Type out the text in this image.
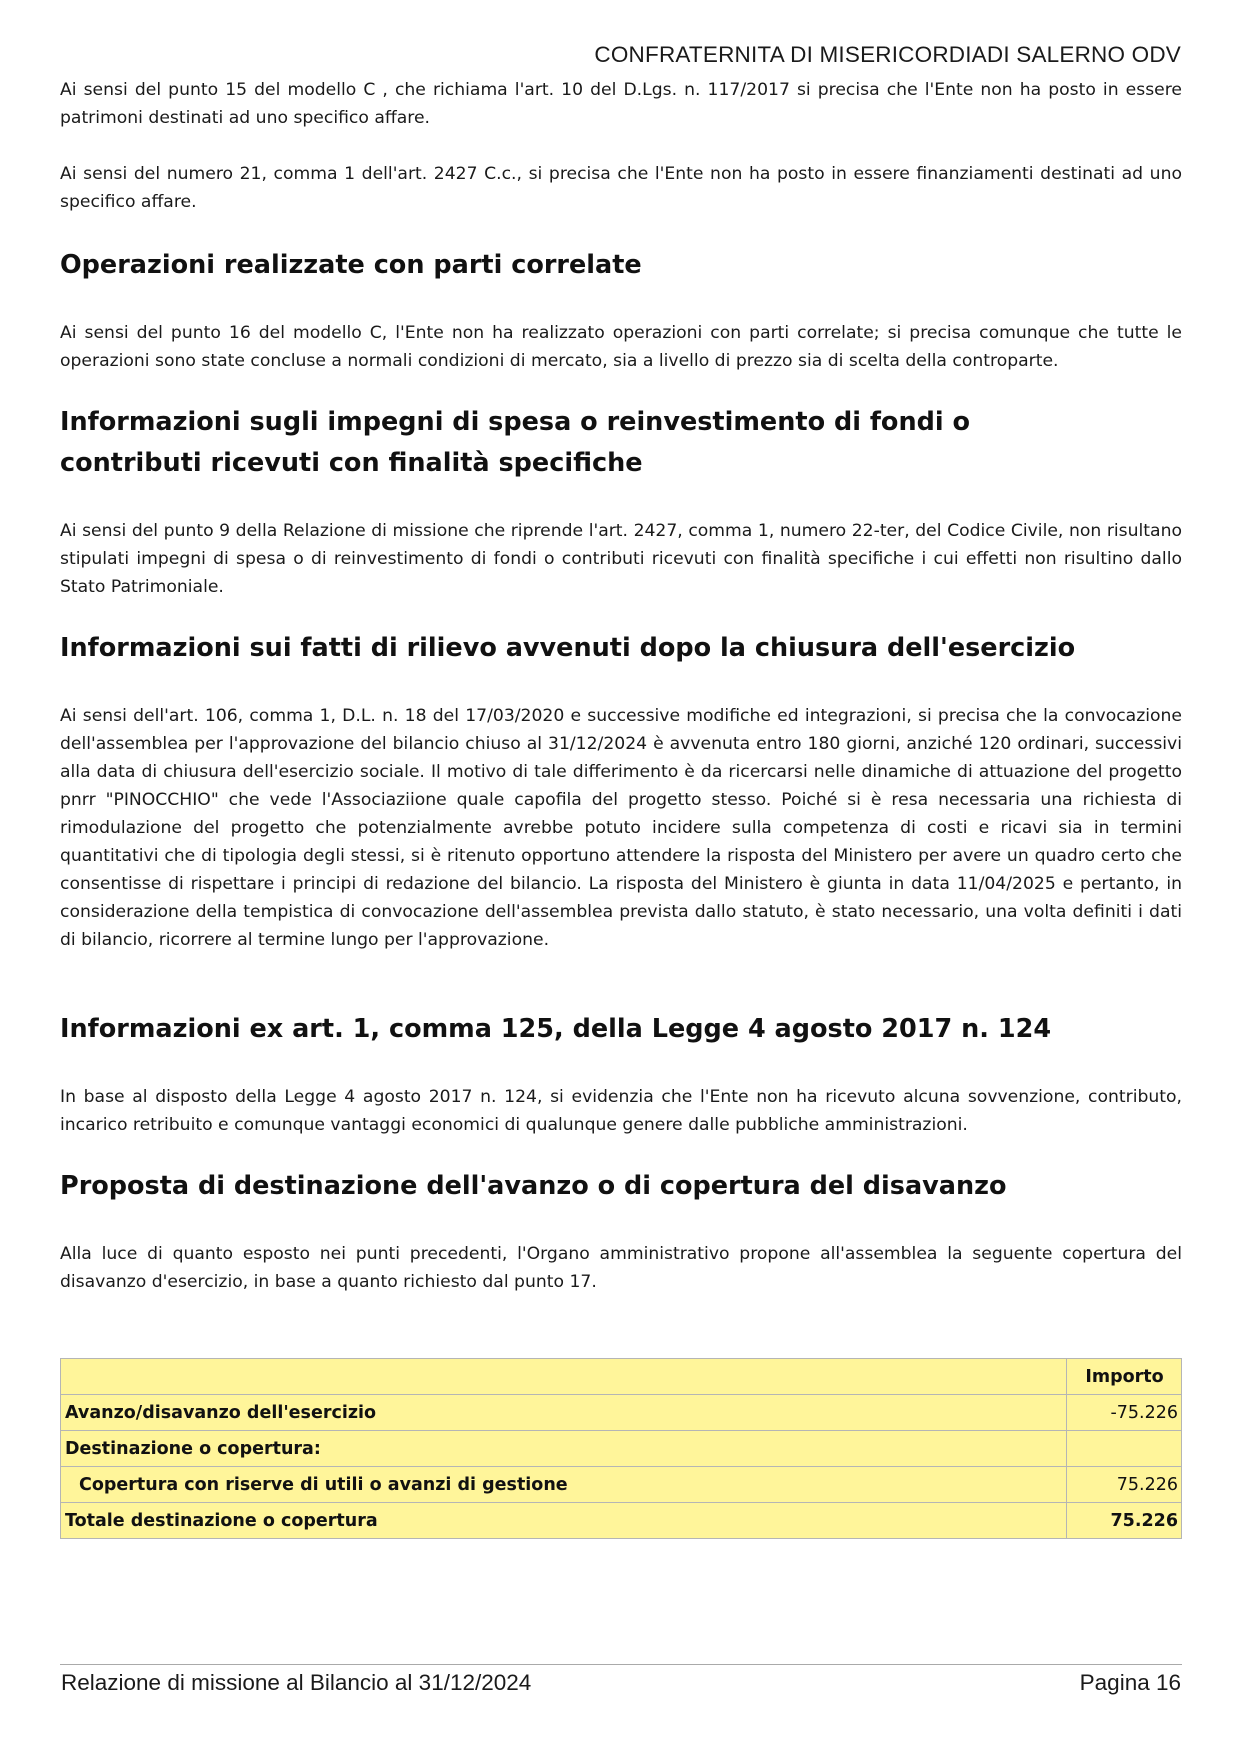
CONFRATERNITA DI MISERICORDIADI SALERNO ODV

Ai sensi del punto 15 del modello C , che richiama l'art. 10 del D.Lgs. n. 117/2017 si precisa che l'Ente non ha posto in essere patrimoni destinati ad uno specifico affare.

Ai sensi del numero 21, comma 1 dell'art. 2427 C.c., si precisa che l'Ente non ha posto in essere finanziamenti destinati ad uno specifico affare.

Operazioni realizzate con parti correlate

Ai sensi del punto 16 del modello C, l'Ente non ha realizzato operazioni con parti correlate; si precisa comunque che tutte le operazioni sono state concluse a normali condizioni di mercato, sia a livello di prezzo sia di scelta della controparte.

Informazioni sugli impegni di spesa o reinvestimento di fondi o contributi ricevuti con finalità specifiche

Ai sensi del punto 9 della Relazione di missione che riprende l'art. 2427, comma 1, numero 22-ter, del Codice Civile, non risultano stipulati impegni di spesa o di reinvestimento di fondi o contributi ricevuti con finalità specifiche i cui effetti non risultino dallo Stato Patrimoniale.

Informazioni sui fatti di rilievo avvenuti dopo la chiusura dell'esercizio

Ai sensi dell'art. 106, comma 1, D.L. n. 18 del 17/03/2020 e successive modifiche ed integrazioni, si precisa che la convocazione dell'assemblea per l'approvazione del bilancio chiuso al 31/12/2024 è avvenuta entro 180 giorni, anziché 120 ordinari, successivi alla data di chiusura dell'esercizio sociale. Il motivo di tale differimento è da ricercarsi nelle dinamiche di attuazione del progetto pnrr "PINOCCHIO" che vede l'Associaziione quale capofila del progetto stesso. Poiché si è resa necessaria una richiesta di rimodulazione del progetto che potenzialmente avrebbe potuto incidere sulla competenza di costi e ricavi sia in termini quantitativi che di tipologia degli stessi, si è ritenuto opportuno attendere la risposta del Ministero per avere un quadro certo che consentisse di rispettare i principi di redazione del bilancio. La risposta del Ministero è giunta in data 11/04/2025 e pertanto, in considerazione della tempistica di convocazione dell'assemblea prevista dallo statuto, è stato necessario, una volta definiti i dati di bilancio, ricorrere al termine lungo per l'approvazione.

Informazioni ex art. 1, comma 125, della Legge 4 agosto 2017 n. 124

In base al disposto della Legge 4 agosto 2017 n. 124, si evidenzia che l'Ente non ha ricevuto alcuna sovvenzione, contributo, incarico retribuito e comunque vantaggi economici di qualunque genere dalle pubbliche amministrazioni.

Proposta di destinazione dell'avanzo o di copertura del disavanzo

Alla luce di quanto esposto nei punti precedenti, l'Organo amministrativo propone all'assemblea la seguente copertura del disavanzo d'esercizio, in base a quanto richiesto dal punto 17.

	Importo
Avanzo/disavanzo dell'esercizio	-75.226
Destinazione o copertura:	
Copertura con riserve di utili o avanzi di gestione	75.226
Totale destinazione o copertura	75.226
Relazione di missione al Bilancio al 31/12/2024	Pagina 16
